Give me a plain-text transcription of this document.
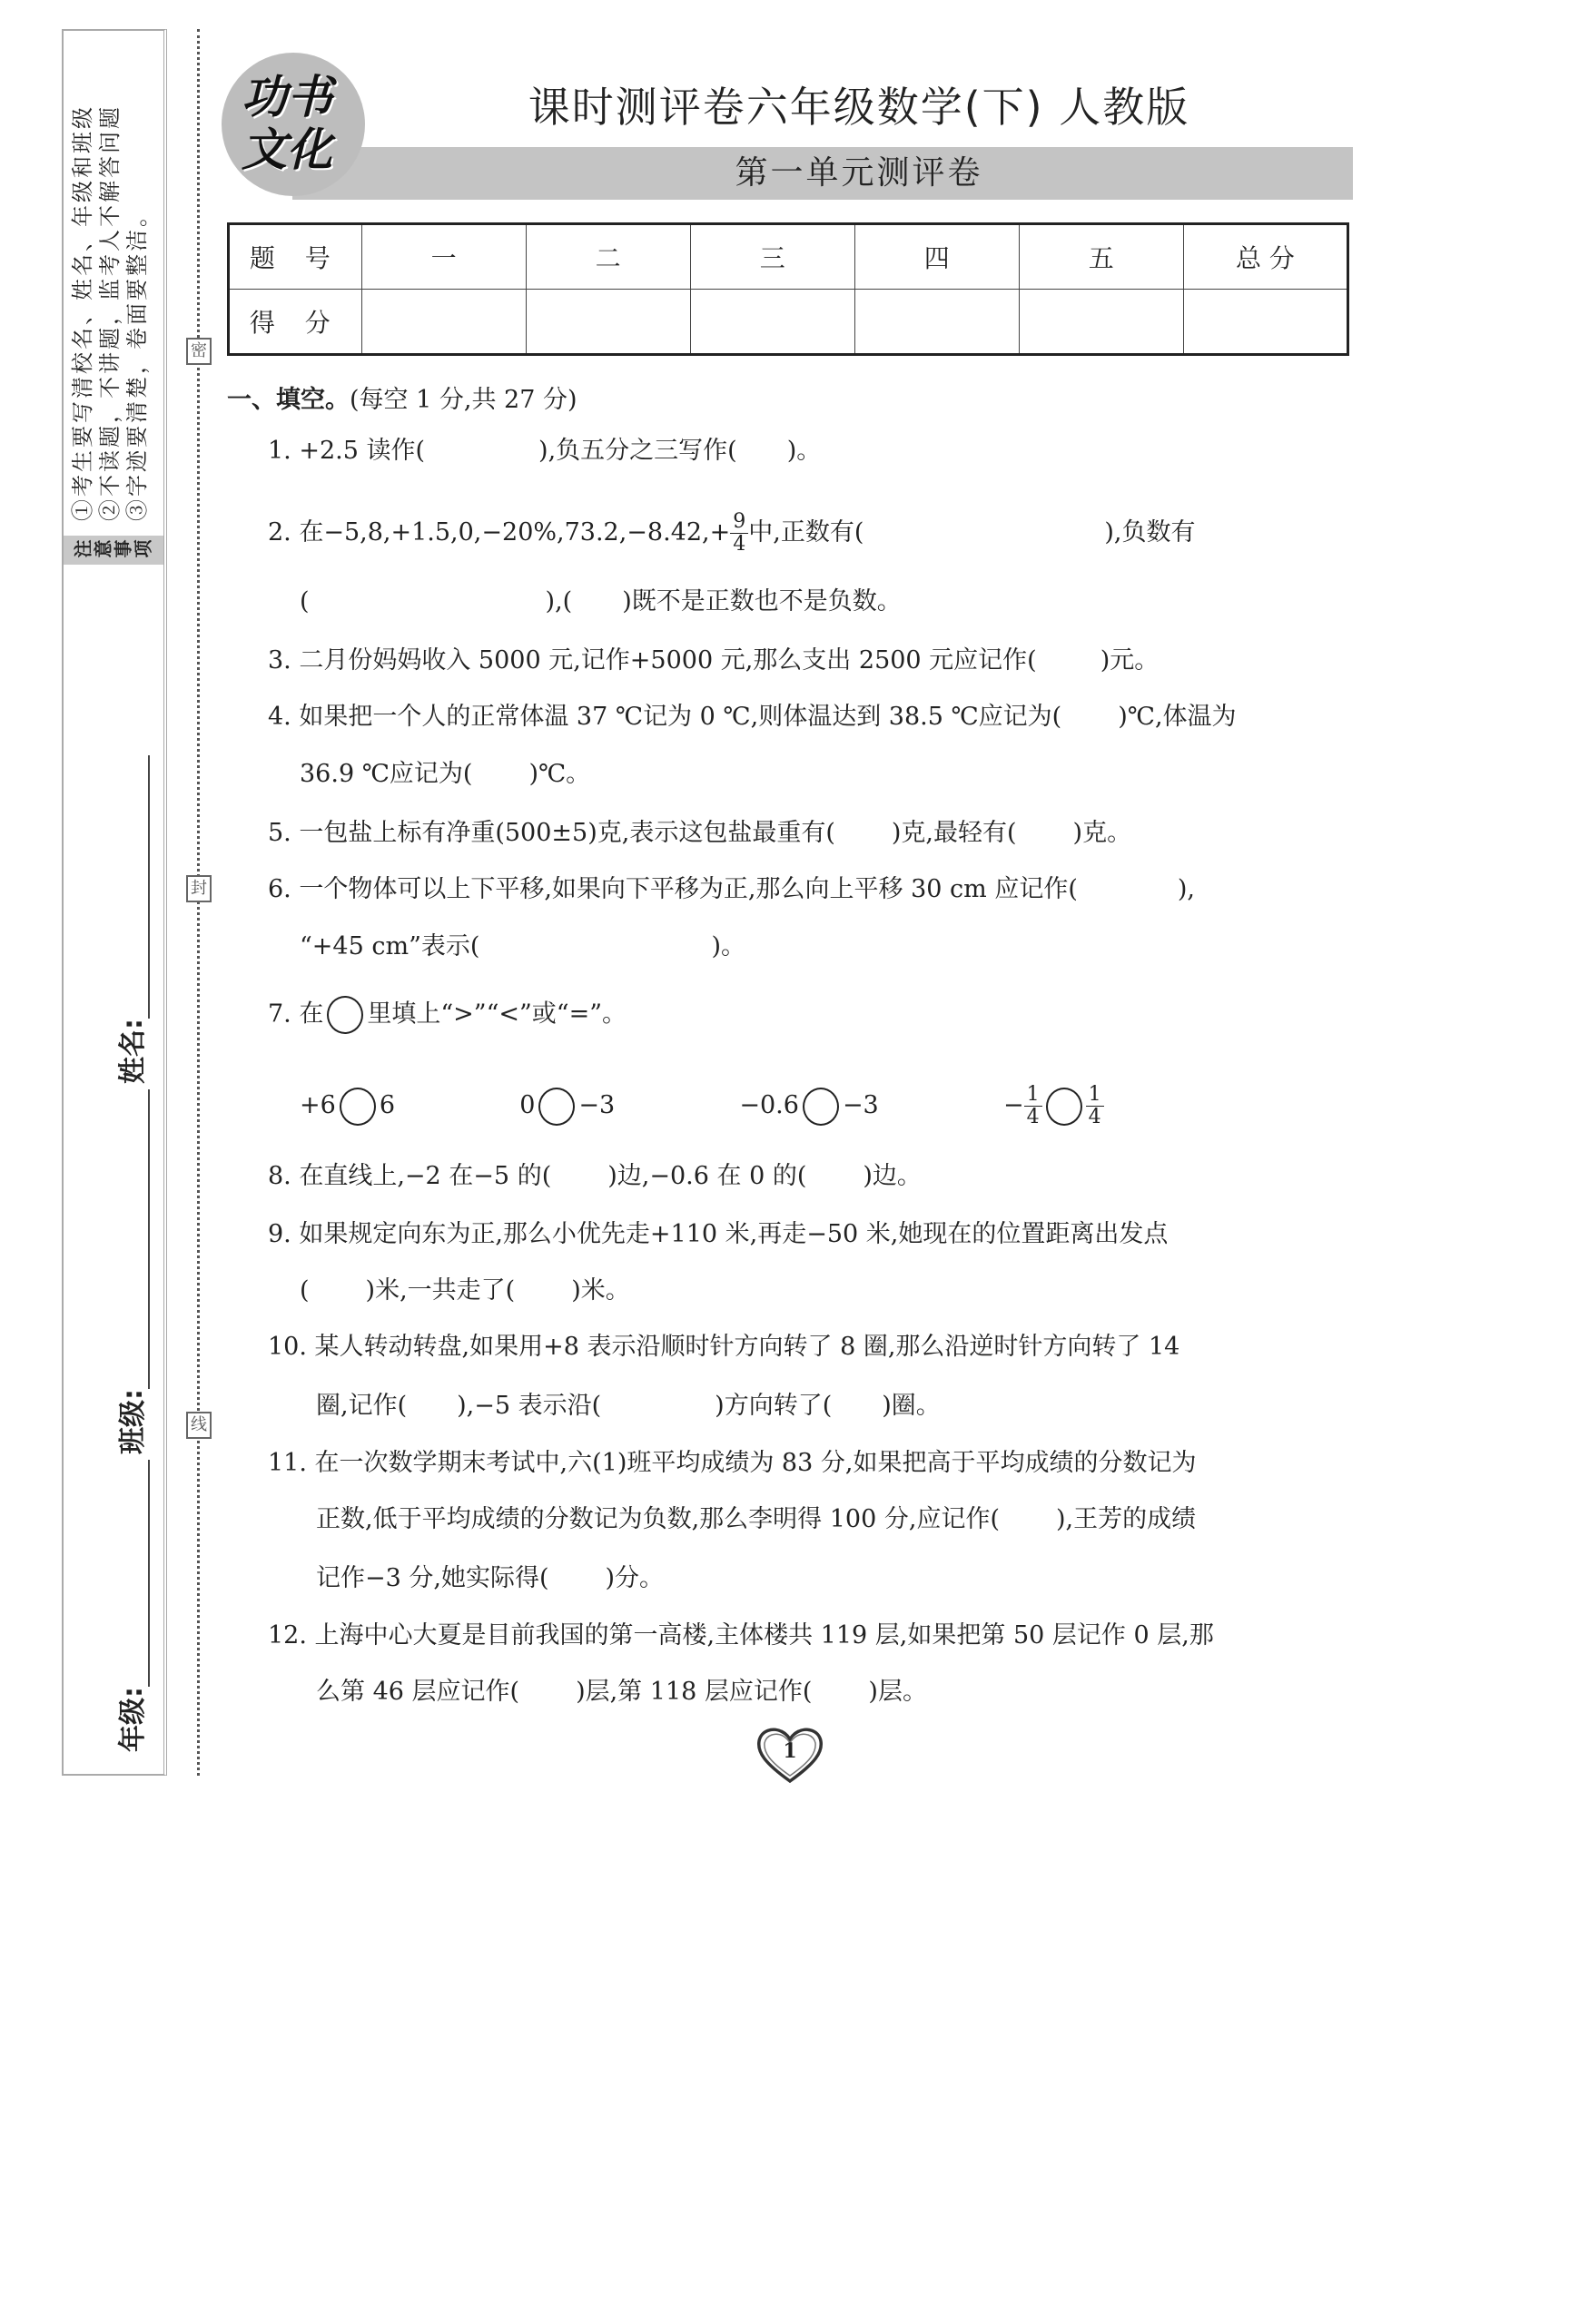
注意事项
①考生要写清校名、姓名、年级和班级 ②不读题，不讲题，监考人不解答问题 ③字迹要清楚，卷面要整洁。
年级:
班级:
姓名:
密
封
线
功书
文化
课时测评卷六年级数学(下) 人教版
第一单元测评卷
题 号	一	二	三	四	五	总 分
得 分						
一、填空。(每空 1 分,共 27 分)
1. +2.5 读作(	),负五分之三写作( )。
2. 在$-5,8,+1.5,0,-20\%,73.2,-8.42,+ \frac{9}{4}$ 中,正数有(	),负数有
(	),( )既不是正数也不是负数。
3. 二月份妈妈收入 5000 元,记作+5000 元,那么支出 2500 元应记作(	)元。
4. 如果把一个人的正常体温 37 ℃记为 0 ℃,则体温达到 38.5 ℃应记为( )℃,体温为
36.9 ℃应记为( )℃。
5. 一包盐上标有净重(500±5)克,表示这包盐最重有( )克,最轻有( )克。
6. 一个物体可以上下平移,如果向下平移为正,那么向上平移 30 cm 应记作(	),
“+45 cm”表示(	)。
7. 在 里填上“>”“<”或“=”。
+6 6	0 −3	−0.6 −3	− $\frac{1}{4} \frac{1}{4}$
8. 在直线上,−2 在−5 的( )边,−0.6 在 0 的( )边。
9. 如果规定向东为正,那么小优先走+110 米,再走−50 米,她现在的位置距离出发点
( )米,一共走了( )米。
10. 某人转动转盘,如果用+8 表示沿顺时针方向转了 8 圈,那么沿逆时针方向转了 14
圈,记作( ),−5 表示沿(	)方向转了( )圈。
11. 在一次数学期末考试中,六(1)班平均成绩为 83 分,如果把高于平均成绩的分数记为
正数,低于平均成绩的分数记为负数,那么李明得 100 分,应记作( ),王芳的成绩
记作−3 分,她实际得( )分。
12. 上海中心大夏是目前我国的第一高楼,主体楼共 119 层,如果把第 50 层记作 0 层,那
么第 46 层应记作( )层,第 118 层应记作( )层。
1
